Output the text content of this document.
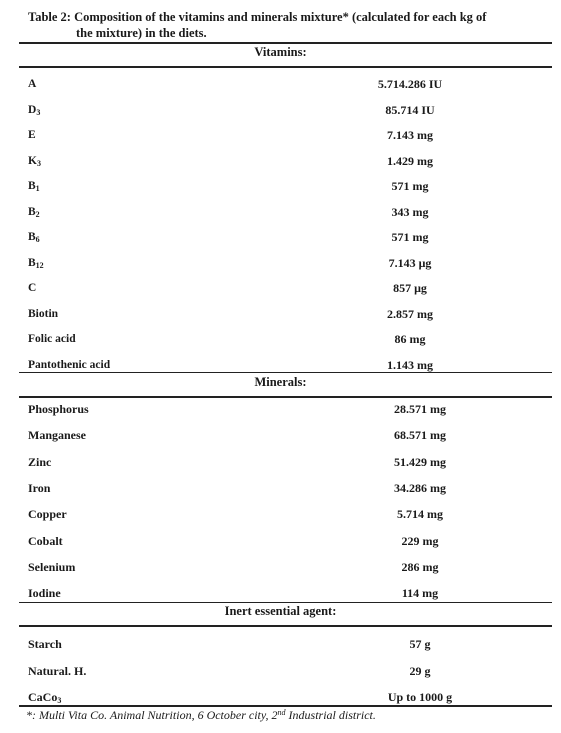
Table 2: Composition of the vitamins and minerals mixture* (calculated for each kg of
the mixture) in the diets.
Vitamins:
A	5.714.286 IU
$D_3$	85.714 IU
E	7.143 mg
$K_3$	1.429 mg
$B_1$	571 mg
$B_2$	343 mg
$B_6$	571 mg
$B_{12}$	7.143 μg
C	857 μg
Biotin	2.857 mg
Folic acid	86 mg
Pantothenic acid	1.143 mg
Minerals:
Phosphorus	28.571 mg
Manganese	68.571 mg
Zinc	51.429 mg
Iron	34.286 mg
Copper	5.714 mg
Cobalt	229 mg
Selenium	286 mg
Iodine	114 mg
Inert essential agent:
Starch	57 g
Natural. H.	29 g
CaCo$_3$	Up to 1000 g
*: Multi Vita Co. Animal Nutrition, 6 October city, 2nd Industrial district.
